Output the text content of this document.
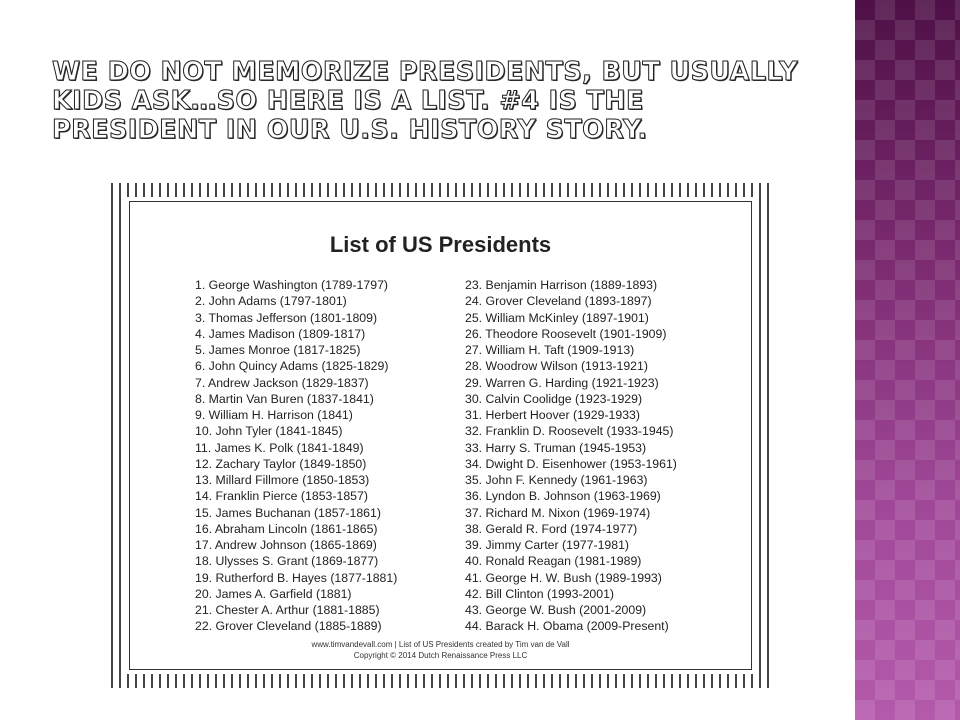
WE DO NOT MEMORIZE PRESIDENTS, BUT USUALLY KIDS ASK…SO HERE IS A LIST. #4 IS THE PRESIDENT IN OUR U.S. HISTORY STORY.
List of US Presidents
1. George Washington (1789-1797)
2. John Adams (1797-1801)
3. Thomas Jefferson (1801-1809)
4. James Madison (1809-1817)
5. James Monroe (1817-1825)
6. John Quincy Adams (1825-1829)
7. Andrew Jackson (1829-1837)
8. Martin Van Buren (1837-1841)
9. William H. Harrison (1841)
10. John Tyler (1841-1845)
11. James K. Polk (1841-1849)
12. Zachary Taylor (1849-1850)
13. Millard Fillmore (1850-1853)
14. Franklin Pierce (1853-1857)
15. James Buchanan (1857-1861)
16. Abraham Lincoln (1861-1865)
17. Andrew Johnson (1865-1869)
18. Ulysses S. Grant (1869-1877)
19. Rutherford B. Hayes (1877-1881)
20. James A. Garfield (1881)
21. Chester A. Arthur (1881-1885)
22. Grover Cleveland (1885-1889)
23. Benjamin Harrison (1889-1893)
24. Grover Cleveland (1893-1897)
25. William McKinley (1897-1901)
26. Theodore Roosevelt (1901-1909)
27. William H. Taft (1909-1913)
28. Woodrow Wilson (1913-1921)
29. Warren G. Harding (1921-1923)
30. Calvin Coolidge (1923-1929)
31. Herbert Hoover (1929-1933)
32. Franklin D. Roosevelt (1933-1945)
33. Harry S. Truman (1945-1953)
34. Dwight D. Eisenhower (1953-1961)
35. John F. Kennedy (1961-1963)
36. Lyndon B. Johnson (1963-1969)
37. Richard M. Nixon (1969-1974)
38. Gerald R. Ford (1974-1977)
39. Jimmy Carter (1977-1981)
40. Ronald Reagan (1981-1989)
41. George H. W. Bush (1989-1993)
42. Bill Clinton (1993-2001)
43. George W. Bush (2001-2009)
44. Barack H. Obama (2009-Present)
www.timvandevall.com | List of US Presidents created by Tim van de Vall
Copyright © 2014 Dutch Renaissance Press LLC
